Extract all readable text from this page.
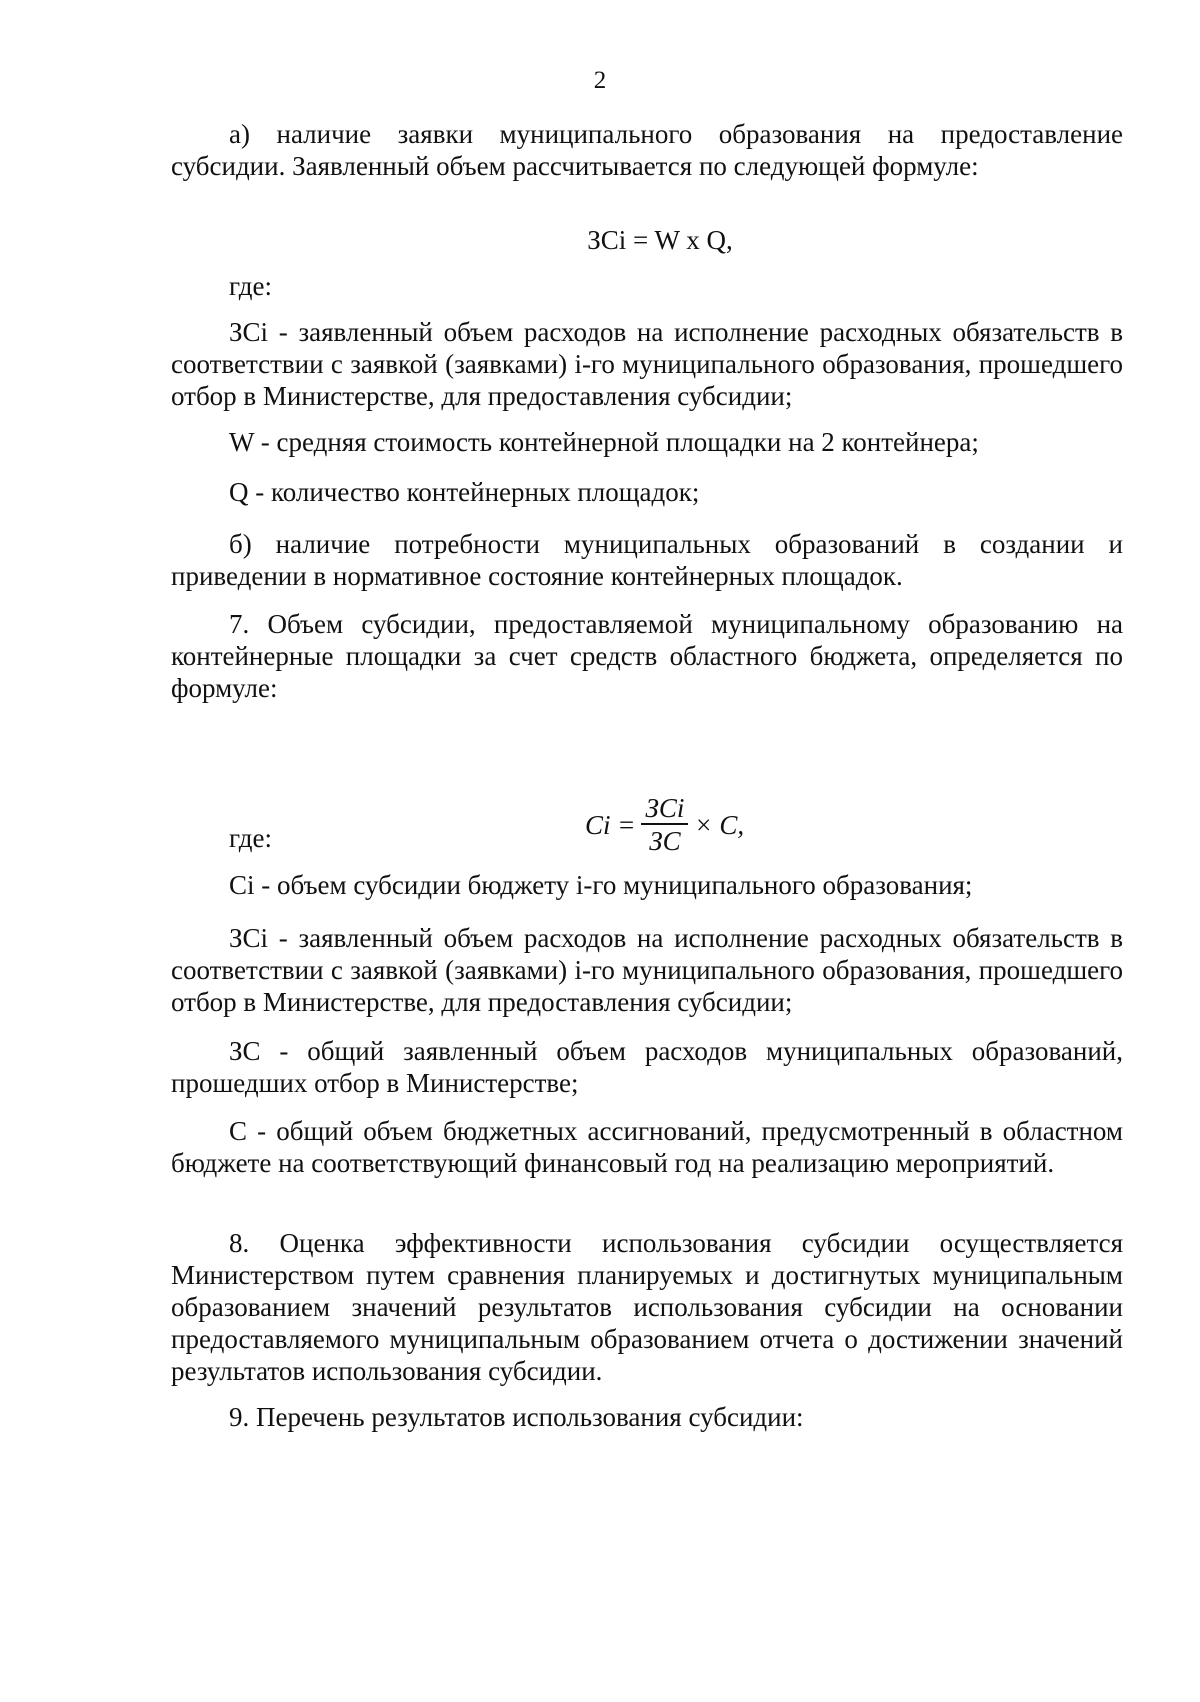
2

а) наличие заявки муниципального образования на предоставление субсидии. Заявленный объем рассчитывается по следующей формуле:

ЗСi = W х Q,

где:

ЗСi - заявленный объем расходов на исполнение расходных обязательств в соответствии с заявкой (заявками) i-го муниципального образования, прошедшего отбор в Министерстве, для предоставления субсидии;

W - средняя стоимость контейнерной площадки на 2 контейнера;

Q - количество контейнерных площадок;

б) наличие потребности муниципальных образований в создании и приведении в нормативное состояние контейнерных площадок.

7. Объем субсидии, предоставляемой муниципальному образованию на контейнерные площадки за счет средств областного бюджета, определяется по формуле:

$Ci = \frac{\text{ЗCi}}{ЗC} \times C$,

где:

Сi - объем субсидии бюджету i-го муниципального образования;

ЗСi - заявленный объем расходов на исполнение расходных обязательств в соответствии с заявкой (заявками) i-го муниципального образования, прошедшего отбор в Министерстве, для предоставления субсидии;

ЗС - общий заявленный объем расходов муниципальных образований, прошедших отбор в Министерстве;

С - общий объем бюджетных ассигнований, предусмотренный в областном бюджете на соответствующий финансовый год на реализацию мероприятий.

8. Оценка эффективности использования субсидии осуществляется Министерством путем сравнения планируемых и достигнутых муниципальным образованием значений результатов использования субсидии на основании предоставляемого муниципальным образованием отчета о достижении значений результатов использования субсидии.

9. Перечень результатов использования субсидии:
